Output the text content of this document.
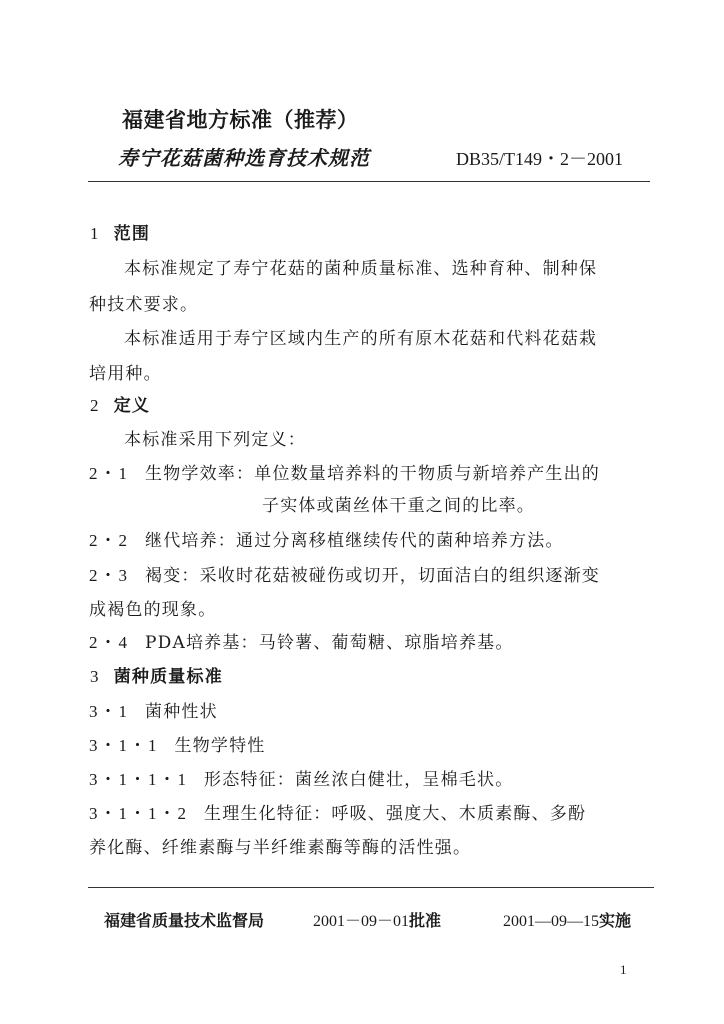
福建省地方标准（推荐）
寿宁花菇菌种选育技术规范	DB35/T149・2－2001
1 范围
本标准规定了寿宁花菇的菌种质量标准、选种育种、制种保
种技术要求。
本标准适用于寿宁区域内生产的所有原木花菇和代料花菇栽
培用种。
2 定义
本标准采用下列定义：
2・1 生物学效率：单位数量培养料的干物质与新培养产生出的
子实体或菌丝体干重之间的比率。
2・2 继代培养：通过分离移植继续传代的菌种培养方法。
2・3 褐变：采收时花菇被碰伤或切开，切面洁白的组织逐渐变
成褐色的现象。
2・4 PDA培养基：马铃薯、葡萄糖、琼脂培养基。
3 菌种质量标准
3・1 菌种性状
3・1・1 生物学特性
3・1・1・1 形态特征：菌丝浓白健壮，呈棉毛状。
3・1・1・2 生理生化特征：呼吸、强度大、木质素酶、多酚
养化酶、纤维素酶与半纤维素酶等酶的活性强。
福建省质量技术监督局	2001－09－01批准	2001—09—15实施
1
